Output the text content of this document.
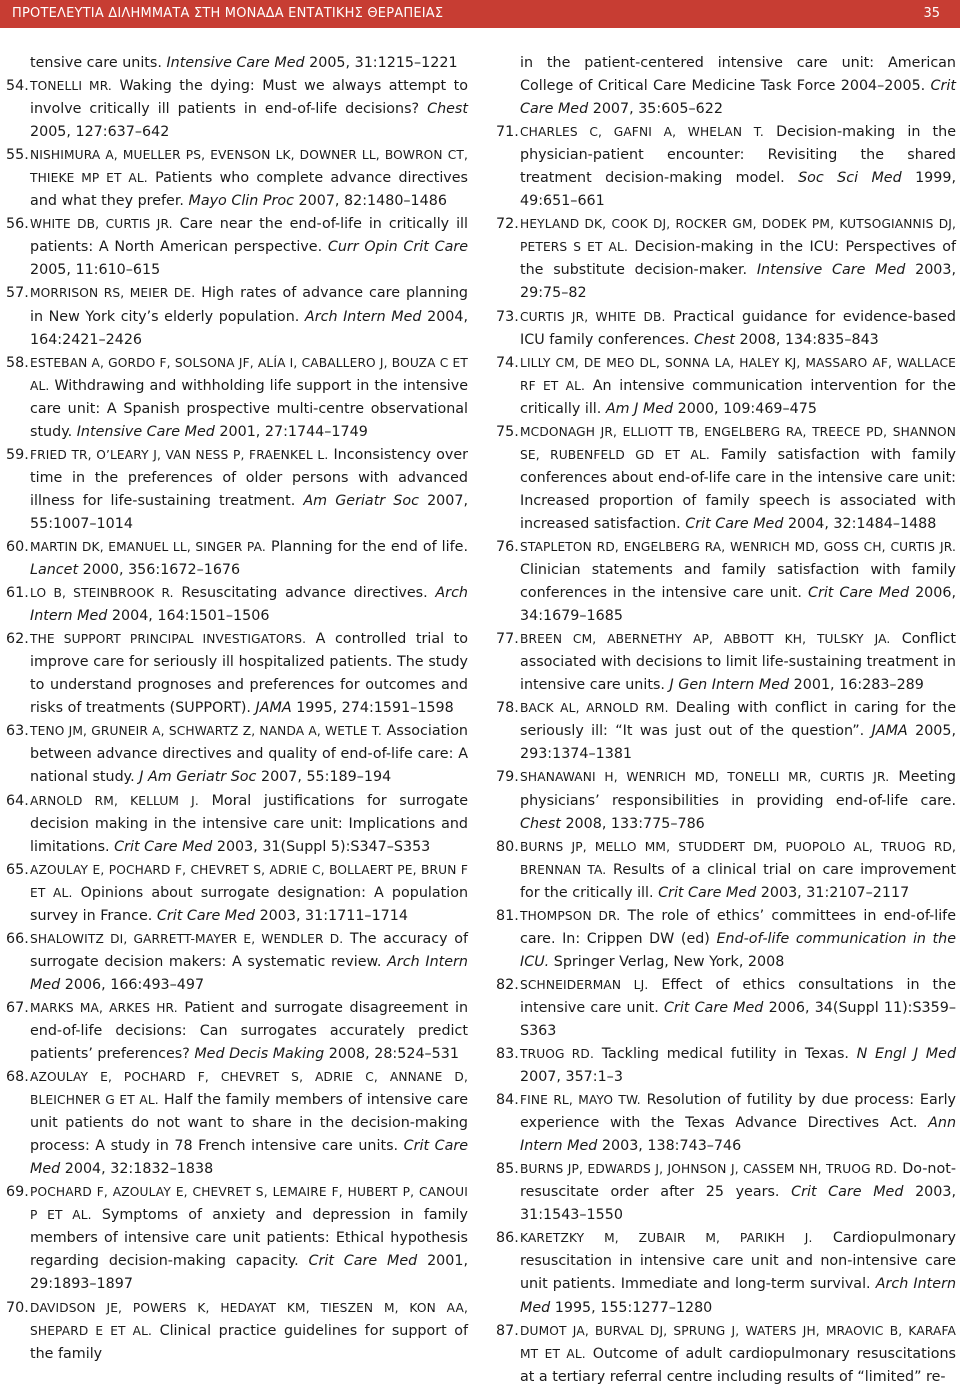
ΠΡΟΤΕΛΕΥΤΙΑ ΔΙΛΗΜΜΑΤΑ ΣΤΗ ΜΟΝΑΔΑ ΕΝΤΑΤΙΚΗΣ ΘΕΡΑΠΕΙΑΣ	35
tensive care units. Intensive Care Med 2005, 31:1215–1221
54. TONELLI MR. Waking the dying: Must we always attempt to involve critically ill patients in end-of-life decisions? Chest 2005, 127:637–642
55. NISHIMURA A, MUELLER PS, EVENSON LK, DOWNER LL, BOWRON CT, THIEKE MP ET AL. Patients who complete advance directives and what they prefer. Mayo Clin Proc 2007, 82:1480–1486
56. WHITE DB, CURTIS JR. Care near the end-of-life in critically ill patients: A North American perspective. Curr Opin Crit Care 2005, 11:610–615
57. MORRISON RS, MEIER DE. High rates of advance care planning in New York city’s elderly population. Arch Intern Med 2004, 164:2421–2426
58. ESTEBAN A, GORDO F, SOLSONA JF, ALÍA I, CABALLERO J, BOUZA C ET AL. Withdrawing and withholding life support in the intensive care unit: A Spanish prospective multi-centre observational study. Intensive Care Med 2001, 27:1744–1749
59. FRIED TR, O’LEARY J, VAN NESS P, FRAENKEL L. Inconsistency over time in the preferences of older persons with advanced illness for life-sustaining treatment. Am Geriatr Soc 2007, 55:1007–1014
60. MARTIN DK, EMANUEL LL, SINGER PA. Planning for the end of life. Lancet 2000, 356:1672–1676
61. LO B, STEINBROOK R. Resuscitating advance directives. Arch Intern Med 2004, 164:1501–1506
62. THE SUPPORT PRINCIPAL INVESTIGATORS. A controlled trial to improve care for seriously ill hospitalized patients. The study to understand prognoses and preferences for outcomes and risks of treatments (SUPPORT). JAMA 1995, 274:1591–1598
63. TENO JM, GRUNEIR A, SCHWARTZ Z, NANDA A, WETLE T. Association between advance directives and quality of end-of-life care: A national study. J Am Geriatr Soc 2007, 55:189–194
64. ARNOLD RM, KELLUM J. Moral justifications for surrogate decision making in the intensive care unit: Implications and limitations. Crit Care Med 2003, 31(Suppl 5):S347–S353
65. AZOULAY E, POCHARD F, CHEVRET S, ADRIE C, BOLLAERT PE, BRUN F ET AL. Opinions about surrogate designation: A population survey in France. Crit Care Med 2003, 31:1711–1714
66. SHALOWITZ DI, GARRETT-MAYER E, WENDLER D. The accuracy of surrogate decision makers: A systematic review. Arch Intern Med 2006, 166:493–497
67. MARKS MA, ARKES HR. Patient and surrogate disagreement in end-of-life decisions: Can surrogates accurately predict patients’ preferences? Med Decis Making 2008, 28:524–531
68. AZOULAY E, POCHARD F, CHEVRET S, ADRIE C, ANNANE D, BLEICHNER G ET AL. Half the family members of intensive care unit patients do not want to share in the decision-making process: A study in 78 French intensive care units. Crit Care Med 2004, 32:1832–1838
69. POCHARD F, AZOULAY E, CHEVRET S, LEMAIRE F, HUBERT P, CANOUI P ET AL. Symptoms of anxiety and depression in family members of intensive care unit patients: Ethical hypothesis regarding decision-making capacity. Crit Care Med 2001, 29:1893–1897
70. DAVIDSON JE, POWERS K, HEDAYAT KM, TIESZEN M, KON AA, SHEPARD E ET AL. Clinical practice guidelines for support of the family
in the patient-centered intensive care unit: American College of Critical Care Medicine Task Force 2004–2005. Crit Care Med 2007, 35:605–622
71. CHARLES C, GAFNI A, WHELAN T. Decision-making in the physician-patient encounter: Revisiting the shared treatment decision-making model. Soc Sci Med 1999, 49:651–661
72. HEYLAND DK, COOK DJ, ROCKER GM, DODEK PM, KUTSOGIANNIS DJ, PETERS S ET AL. Decision-making in the ICU: Perspectives of the substitute decision-maker. Intensive Care Med 2003, 29:75–82
73. CURTIS JR, WHITE DB. Practical guidance for evidence-based ICU family conferences. Chest 2008, 134:835–843
74. LILLY CM, DE MEO DL, SONNA LA, HALEY KJ, MASSARO AF, WALLACE RF ET AL. An intensive communication intervention for the critically ill. Am J Med 2000, 109:469–475
75. MCDONAGH JR, ELLIOTT TB, ENGELBERG RA, TREECE PD, SHANNON SE, RUBENFELD GD ET AL. Family satisfaction with family conferences about end-of-life care in the intensive care unit: Increased proportion of family speech is associated with increased satisfaction. Crit Care Med 2004, 32:1484–1488
76. STAPLETON RD, ENGELBERG RA, WENRICH MD, GOSS CH, CURTIS JR. Clinician statements and family satisfaction with family conferences in the intensive care unit. Crit Care Med 2006, 34:1679–1685
77. BREEN CM, ABERNETHY AP, ABBOTT KH, TULSKY JA. Conflict associated with decisions to limit life-sustaining treatment in intensive care units. J Gen Intern Med 2001, 16:283–289
78. BACK AL, ARNOLD RM. Dealing with conflict in caring for the seriously ill: “It was just out of the question”. JAMA 2005, 293:1374–1381
79. SHANAWANI H, WENRICH MD, TONELLI MR, CURTIS JR. Meeting physicians’ responsibilities in providing end-of-life care. Chest 2008, 133:775–786
80. BURNS JP, MELLO MM, STUDDERT DM, PUOPOLO AL, TRUOG RD, BRENNAN TA. Results of a clinical trial on care improvement for the critically ill. Crit Care Med 2003, 31:2107–2117
81. THOMPSON DR. The role of ethics’ committees in end-of-life care. In: Crippen DW (ed) End-of-life communication in the ICU. Springer Verlag, New York, 2008
82. SCHNEIDERMAN LJ. Effect of ethics consultations in the intensive care unit. Crit Care Med 2006, 34(Suppl 11):S359–S363
83. TRUOG RD. Tackling medical futility in Texas. N Engl J Med 2007, 357:1–3
84. FINE RL, MAYO TW. Resolution of futility by due process: Early experience with the Texas Advance Directives Act. Ann Intern Med 2003, 138:743–746
85. BURNS JP, EDWARDS J, JOHNSON J, CASSEM NH, TRUOG RD. Do-not-resuscitate order after 25 years. Crit Care Med 2003, 31:1543–1550
86. KARETZKY M, ZUBAIR M, PARIKH J. Cardiopulmonary resuscitation in intensive care unit and non-intensive care unit patients. Immediate and long-term survival. Arch Intern Med 1995, 155:1277–1280
87. DUMOT JA, BURVAL DJ, SPRUNG J, WATERS JH, MRAOVIC B, KARAFA MT ET AL. Outcome of adult cardiopulmonary resuscitations at a tertiary referral centre including results of “limited” re-
